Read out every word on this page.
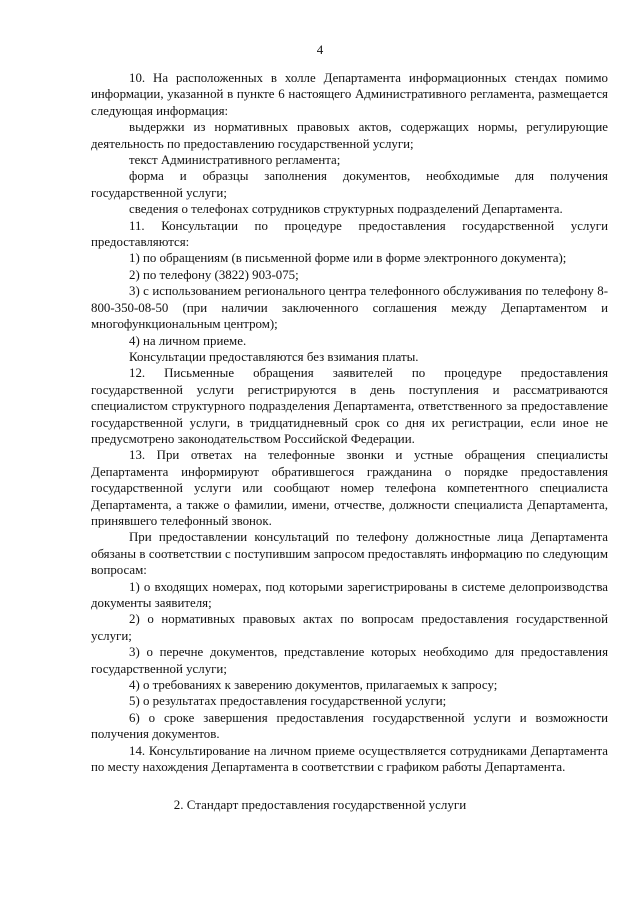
4

10. На расположенных в холле Департамента информационных стендах помимо информации, указанной в пункте 6 настоящего Административного регламента, размещается следующая информация:

выдержки из нормативных правовых актов, содержащих нормы, регулирующие деятельность по предоставлению государственной услуги;

текст Административного регламента;

форма и образцы заполнения документов, необходимые для получения государственной услуги;

сведения о телефонах сотрудников структурных подразделений Департамента.

11. Консультации по процедуре предоставления государственной услуги предоставляются:

1) по обращениям (в письменной форме или в форме электронного документа);

2) по телефону (3822) 903-075;

3) с использованием регионального центра телефонного обслуживания по телефону 8-800-350-08-50 (при наличии заключенного соглашения между Департаментом и многофункциональным центром);

4) на личном приеме.

Консультации предоставляются без взимания платы.

12. Письменные обращения заявителей по процедуре предоставления государственной услуги регистрируются в день поступления и рассматриваются специалистом структурного подразделения Департамента, ответственного за предоставление государственной услуги, в тридцатидневный срок со дня их регистрации, если иное не предусмотрено законодательством Российской Федерации.

13. При ответах на телефонные звонки и устные обращения специалисты Департамента информируют обратившегося гражданина о порядке предоставления государственной услуги или сообщают номер телефона компетентного специалиста Департамента, а также о фамилии, имени, отчестве, должности специалиста Департамента, принявшего телефонный звонок.

При предоставлении консультаций по телефону должностные лица Департамента обязаны в соответствии с поступившим запросом предоставлять информацию по следующим вопросам:

1) о входящих номерах, под которыми зарегистрированы в системе делопроизводства документы заявителя;

2) о нормативных правовых актах по вопросам предоставления государственной услуги;

3) о перечне документов, представление которых необходимо для предоставления государственной услуги;

4) о требованиях к заверению документов, прилагаемых к запросу;

5) о результатах предоставления государственной услуги;

6) о сроке завершения предоставления государственной услуги и возможности получения документов.

14. Консультирование на личном приеме осуществляется сотрудниками Департамента по месту нахождения Департамента в соответствии с графиком работы Департамента.

2. Стандарт предоставления государственной услуги
